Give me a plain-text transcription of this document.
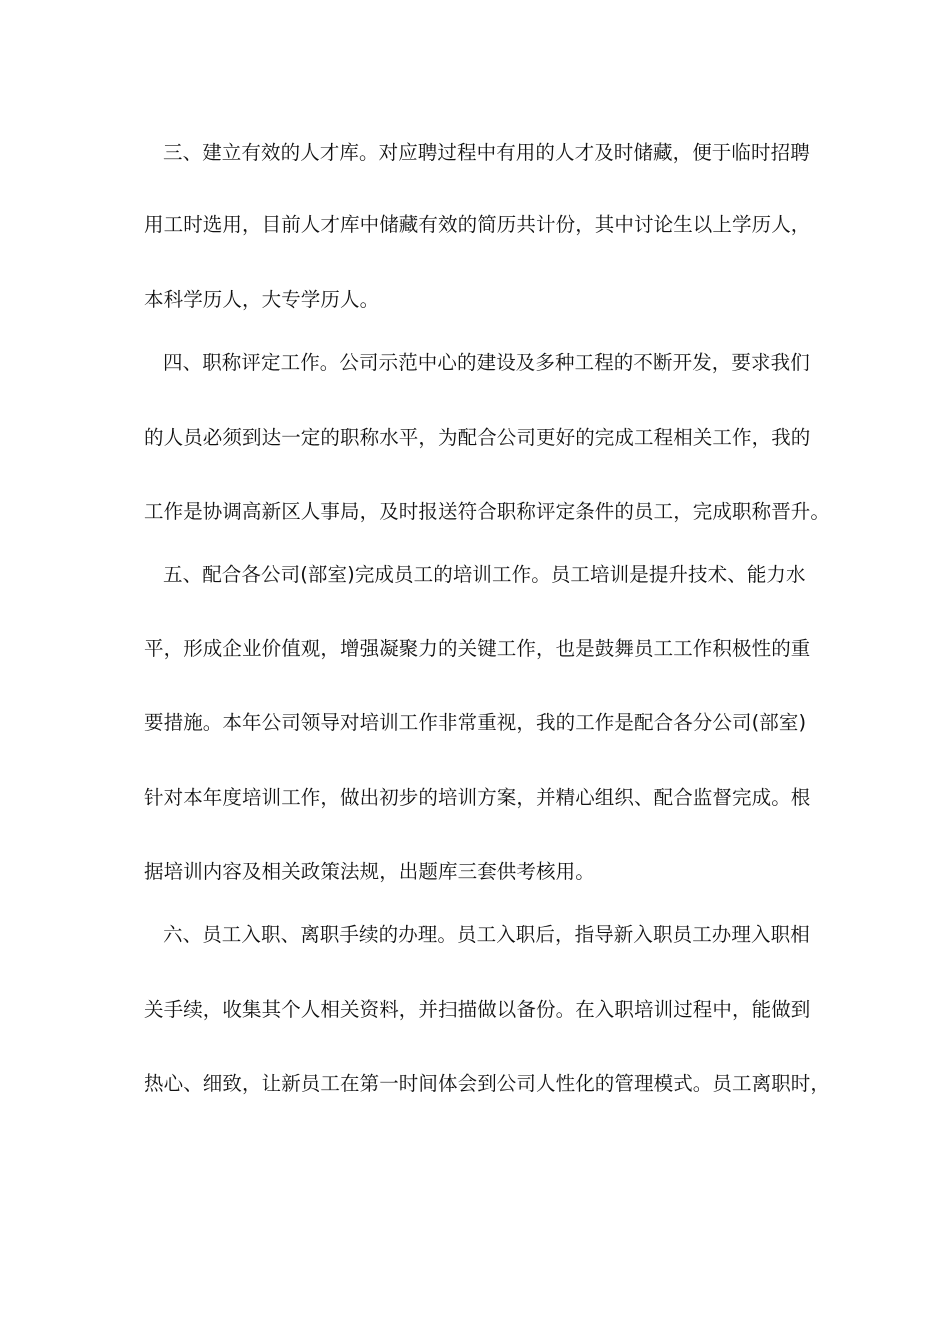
三、建立有效的人才库。对应聘过程中有用的人才及时储藏，便于临时招聘
用工时选用，目前人才库中储藏有效的简历共计份，其中讨论生以上学历人，
本科学历人，大专学历人。
四、职称评定工作。公司示范中心的建设及多种工程的不断开发，要求我们
的人员必须到达一定的职称水平，为配合公司更好的完成工程相关工作，我的
工作是协调高新区人事局，及时报送符合职称评定条件的员工，完成职称晋升。
五、配合各公司(部室)完成员工的培训工作。员工培训是提升技术、能力水
平，形成企业价值观，增强凝聚力的关键工作，也是鼓舞员工工作积极性的重
要措施。本年公司领导对培训工作非常重视，我的工作是配合各分公司(部室)
针对本年度培训工作，做出初步的培训方案，并精心组织、配合监督完成。根
据培训内容及相关政策法规，出题库三套供考核用。
六、员工入职、离职手续的办理。员工入职后，指导新入职员工办理入职相
关手续，收集其个人相关资料，并扫描做以备份。在入职培训过程中，能做到
热心、细致，让新员工在第一时间体会到公司人性化的管理模式。员工离职时，
